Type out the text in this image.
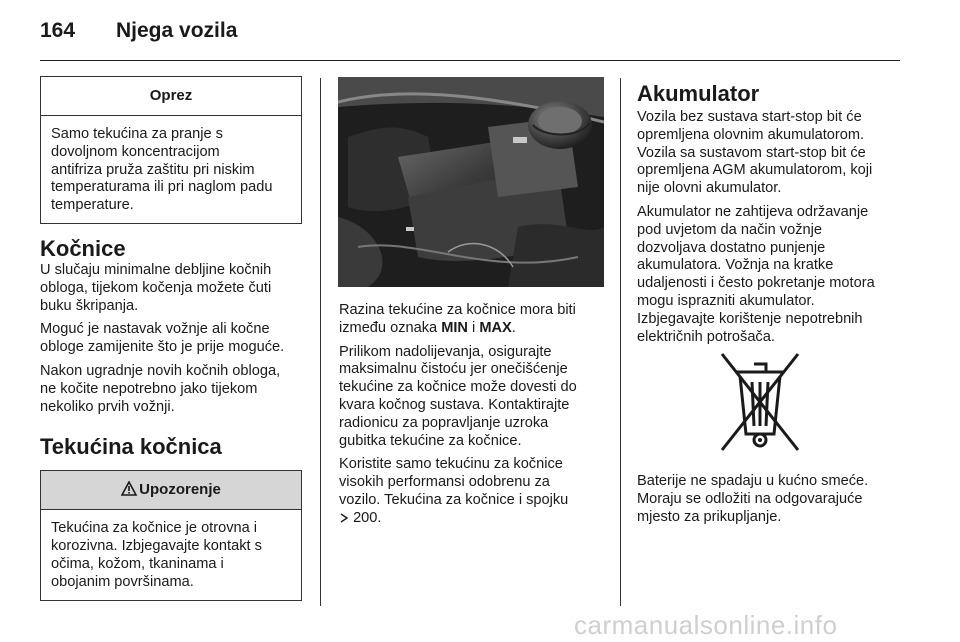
164 Njega vozila
Oprez
Samo tekućina za pranje s
dovoljnom koncentracijom
antifriza pruža zaštitu pri niskim
temperaturama ili pri naglom padu
temperature.
Kočnice

U slučaju minimalne debljine kočnih
obloga, tijekom kočenja možete čuti
buku škripanja.

Moguć je nastavak vožnje ali kočne
obloge zamijenite što je prije moguće.

Nakon ugradnje novih kočnih obloga,
ne kočite nepotrebno jako tijekom
nekoliko prvih vožnji.

Tekućina kočnica
Upozorenje
Tekućina za kočnice je otrovna i
korozivna. Izbjegavajte kontakt s
očima, kožom, tkaninama i
obojanim površinama.

Razina tekućine za kočnice mora biti
između oznaka MIN i MAX.

Prilikom nadolijevanja, osigurajte
maksimalnu čistoću jer onečišćenje
tekućine za kočnice može dovesti do
kvara kočnog sustava. Kontaktirajte
radionicu za popravljanje uzroka
gubitka tekućine za kočnice.

Koristite samo tekućinu za kočnice
visokih performansi odobrenu za
vozilo. Tekućina za kočnice i spojku
200.

Akumulator

Vozila bez sustava start-stop bit će
opremljena olovnim akumulatorom.
Vozila sa sustavom start-stop bit će
opremljena AGM akumulatorom, koji
nije olovni akumulator.

Akumulator ne zahtijeva održavanje
pod uvjetom da način vožnje
dozvoljava dostatno punjenje
akumulatora. Vožnja na kratke
udaljenosti i često pokretanje motora
mogu isprazniti akumulator.
Izbjegavajte korištenje nepotrebnih
električnih potrošača.

Baterije ne spadaju u kućno smeće.
Moraju se odložiti na odgovarajuće
mjesto za prikupljanje.

carmanualsonline.info
